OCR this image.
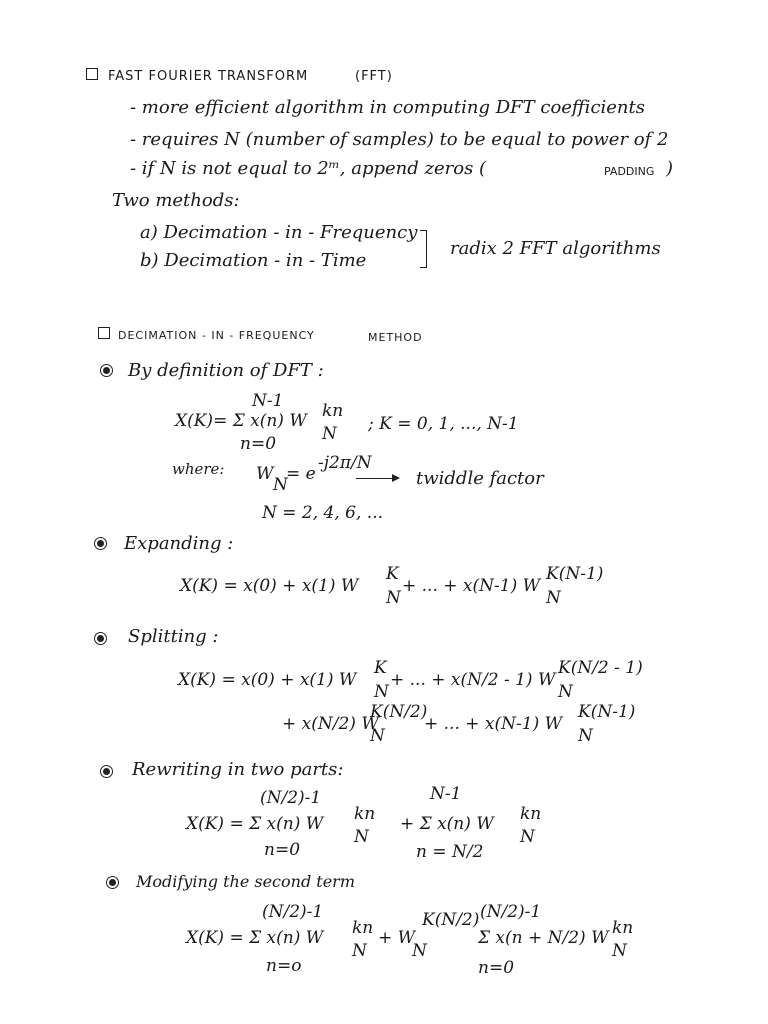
FAST FOURIER TRANSFORM	(FFT)
- more efficient algorithm in computing DFT coefficients
- requires N (number of samples) to be equal to power of 2
- if N is not equal to 2ᵐ, append zeros (	PADDING )
Two methods:
a) Decimation - in - Frequency
b) Decimation - in - Time
radix 2 FFT algorithms
DECIMATION - IN - FREQUENCY	METHOD
By definition of DFT :
N-1
X(K)= Σ x(n) W kn
N
n=0
; K = 0, 1, ..., N-1
where: W
N
= e
-j2π/N
twiddle factor
N = 2, 4, 6, ...
Expanding :
X(K) = x(0) + x(1) W
K
N
+ ... + x(N-1) W
K(N-1)
N
Splitting :
X(K) = x(0) + x(1) W
K
N
+ ... + x(N/2 - 1) W
K(N/2 - 1)
N
+ x(N/2) W
K(N/2)
N
+ ... + x(N-1) W
K(N-1)
N
Rewriting in two parts:
(N/2)-1
X(K) = Σ x(n) W kn
N
n=0
N-1
+ Σ x(n) W kn
N
n = N/2
Modifying the second term
(N/2)-1
X(K) = Σ x(n) W kn
N
n=o
+ W
K(N/2)
N
(N/2)-1
Σ x(n + N/2) W kn
N
n=0
